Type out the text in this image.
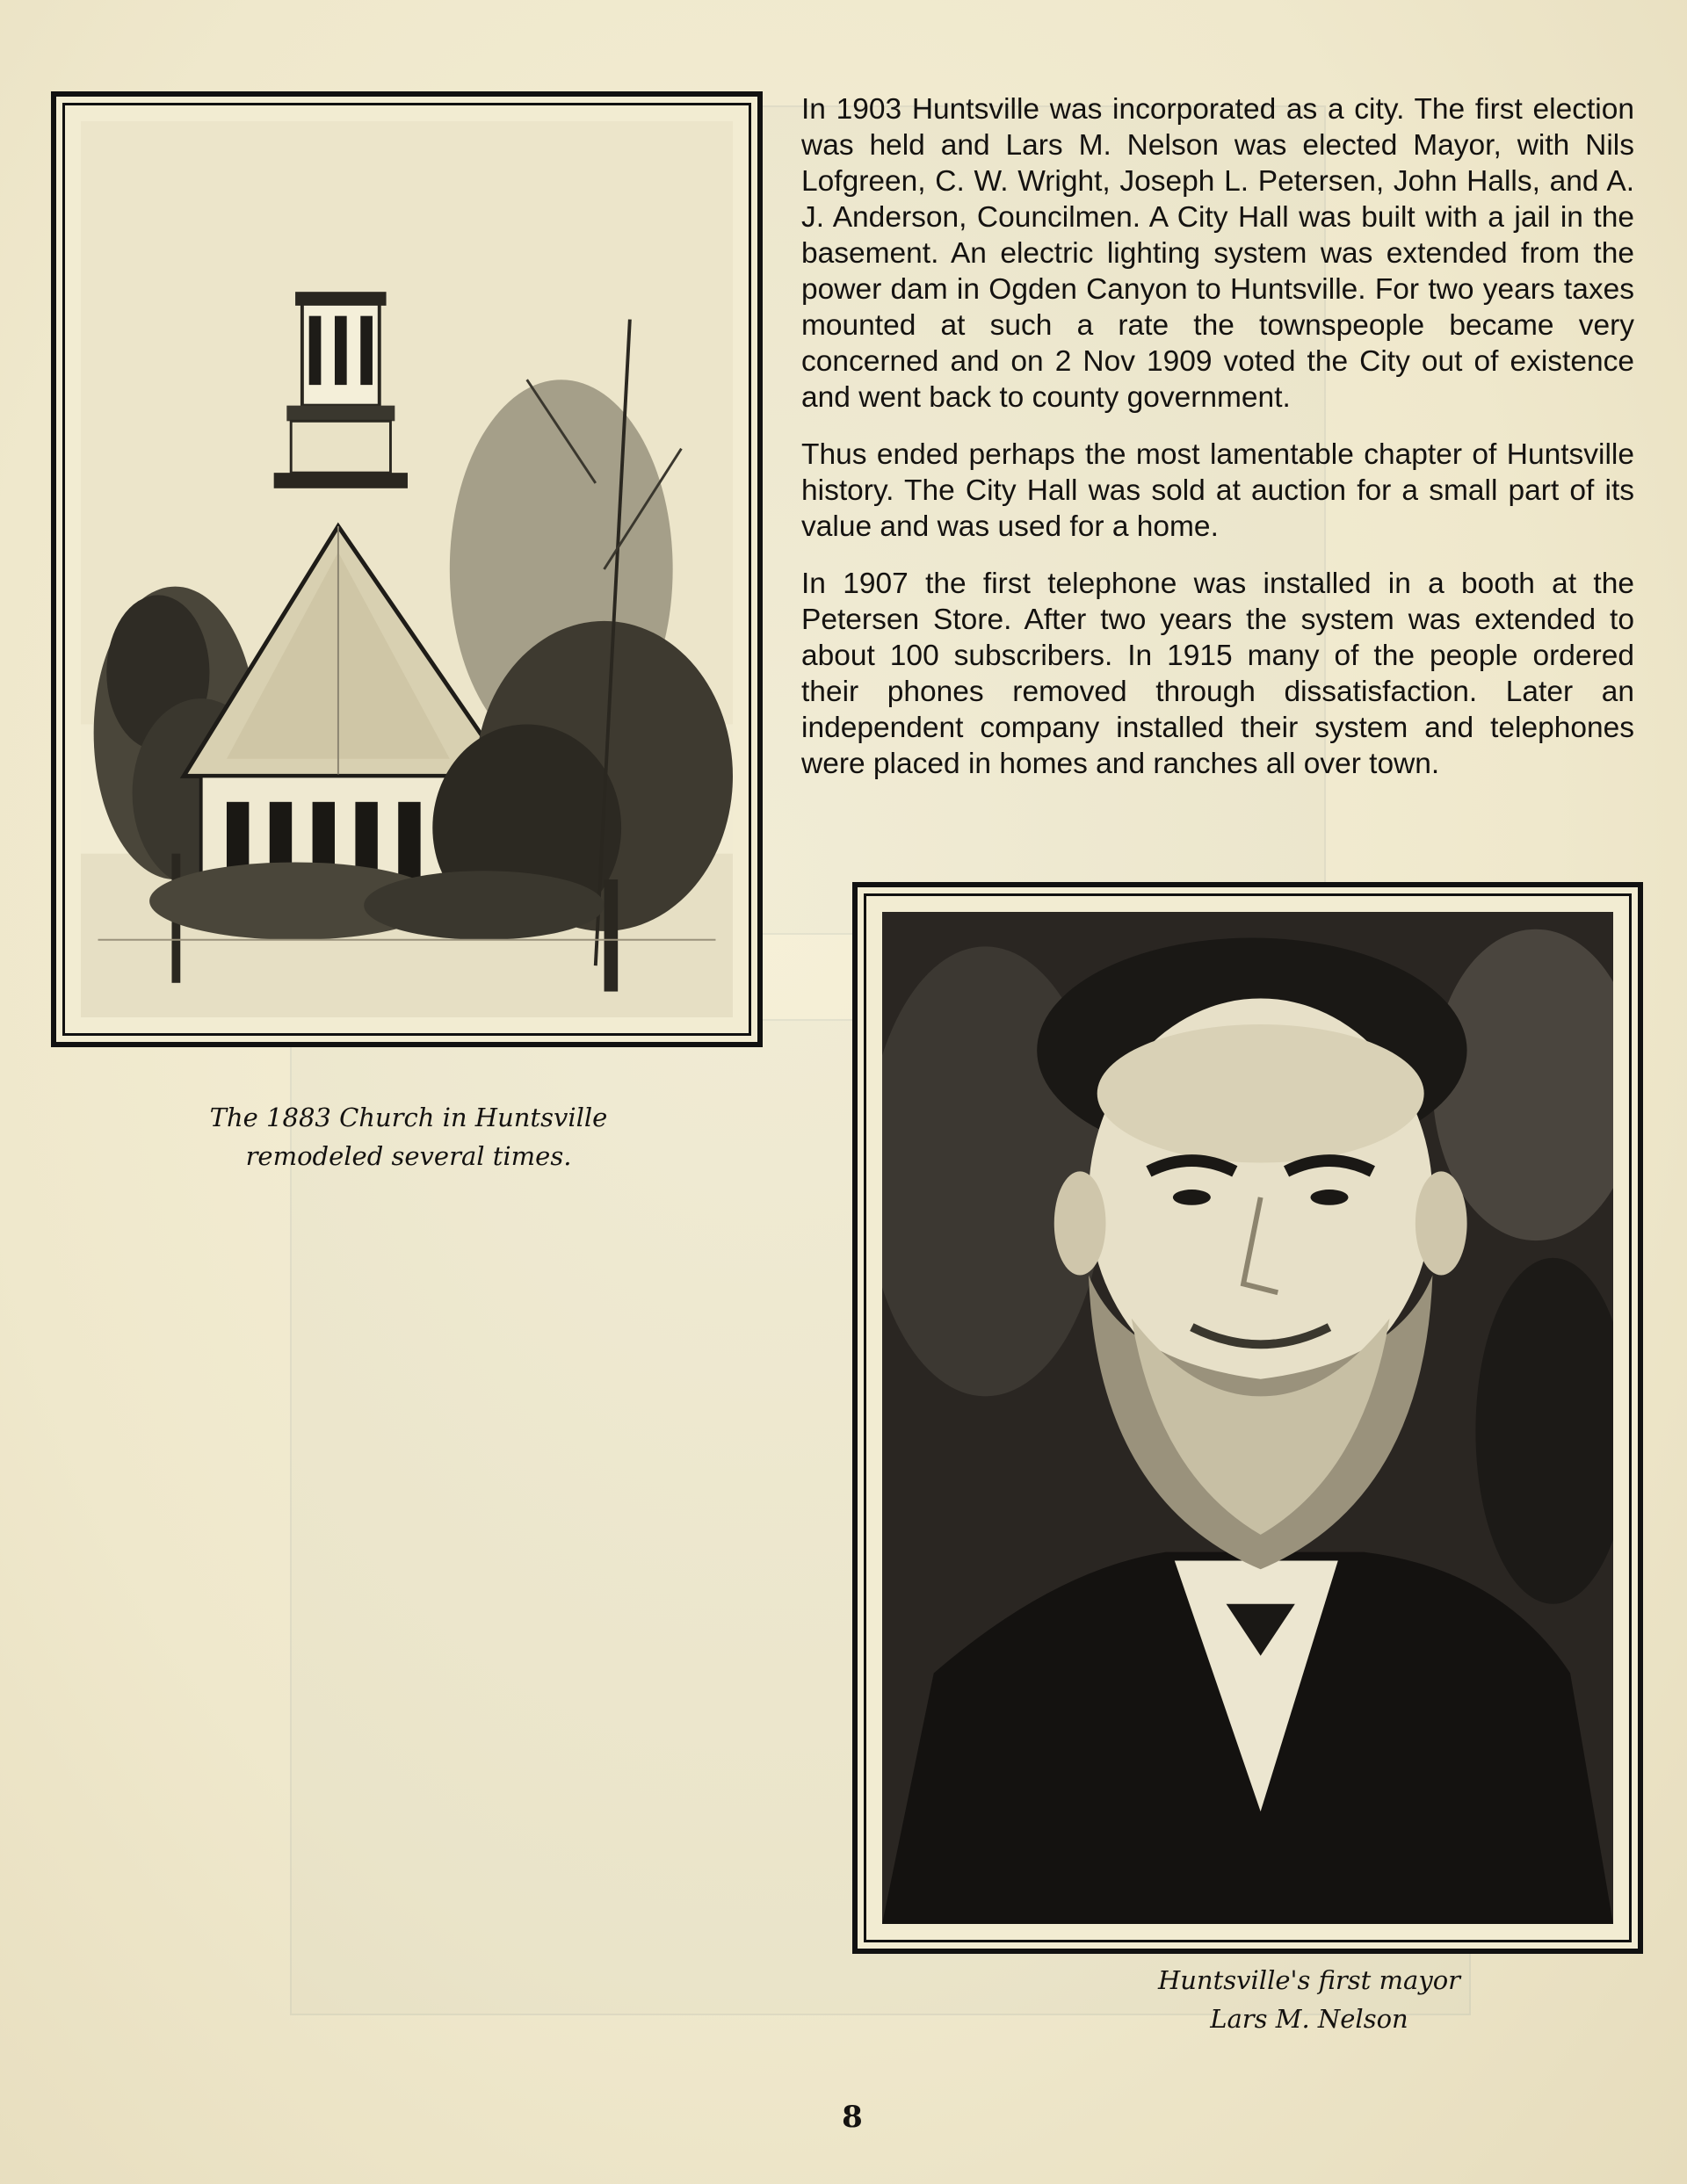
The 1883 Church in Huntsville
remodeled several times.

In 1903 Huntsville was incorporated as a city. The first election was held and Lars M. Nelson was elected Mayor, with Nils Lofgreen, C. W. Wright, Joseph L. Petersen, John Halls, and A. J. Anderson, Councilmen. A City Hall was built with a jail in the basement. An electric lighting system was extended from the power dam in Ogden Canyon to Huntsville. For two years taxes mounted at such a rate the townspeople became very concerned and on 2 Nov 1909 voted the City out of existence and went back to county government.

Thus ended perhaps the most lamentable chapter of Huntsville history. The City Hall was sold at auction for a small part of its value and was used for a home.

In 1907 the first telephone was installed in a booth at the Petersen Store. After two years the system was extended to about 100 subscribers. In 1915 many of the people ordered their phones removed through dissatisfaction. Later an independent company installed their system and telephones were placed in homes and ranches all over town.

Huntsville's first mayor
Lars M. Nelson
8
